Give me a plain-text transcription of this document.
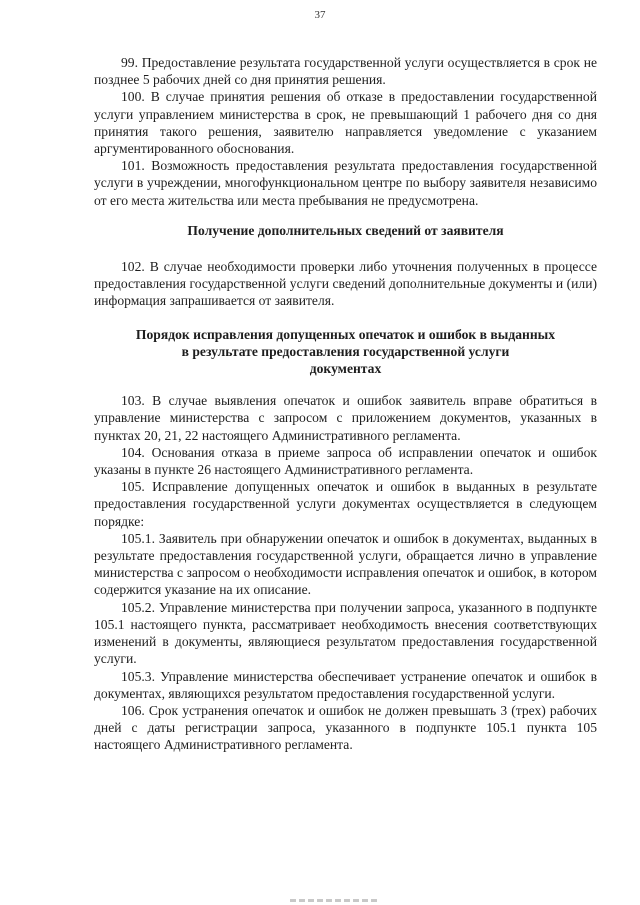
37

99. Предоставление результата государственной услуги осуществляется в срок не позднее 5 рабочих дней со дня принятия решения.

100. В случае принятия решения об отказе в предоставлении государственной услуги управлением министерства в срок, не превышающий 1 рабочего дня со дня принятия такого решения, заявителю направляется уведомление с указанием аргументированного обоснования.

101. Возможность предоставления результата предоставления государственной услуги в учреждении, многофункциональном центре по выбору заявителя независимо от его места жительства или места пребывания не предусмотрена.

Получение дополнительных сведений от заявителя

102. В случае необходимости проверки либо уточнения полученных в процессе предоставления государственной услуги сведений дополнительные документы и (или) информация запрашивается от заявителя.

Порядок исправления допущенных опечаток и ошибок в выданных

в результате предоставления государственной услуги

документах

103. В случае выявления опечаток и ошибок заявитель вправе обратиться в управление министерства с запросом с приложением документов, указанных в пунктах 20, 21, 22 настоящего Административного регламента.

104. Основания отказа в приеме запроса об исправлении опечаток и ошибок указаны в пункте 26 настоящего Административного регламента.

105. Исправление допущенных опечаток и ошибок в выданных в результате предоставления государственной услуги документах осуществляется в следующем порядке:

105.1. Заявитель при обнаружении опечаток и ошибок в документах, выданных в результате предоставления государственной услуги, обращается лично в управление министерства с запросом о необходимости исправления опечаток и ошибок, в котором содержится указание на их описание.

105.2. Управление министерства при получении запроса, указанного в подпункте 105.1 настоящего пункта, рассматривает необходимость внесения соответствующих изменений в документы, являющиеся результатом предоставления государственной услуги.

105.3. Управление министерства обеспечивает устранение опечаток и ошибок в документах, являющихся результатом предоставления государственной услуги.

106. Срок устранения опечаток и ошибок не должен превышать 3 (трех) рабочих дней с даты регистрации запроса, указанного в подпункте 105.1 пункта 105 настоящего Административного регламента.
